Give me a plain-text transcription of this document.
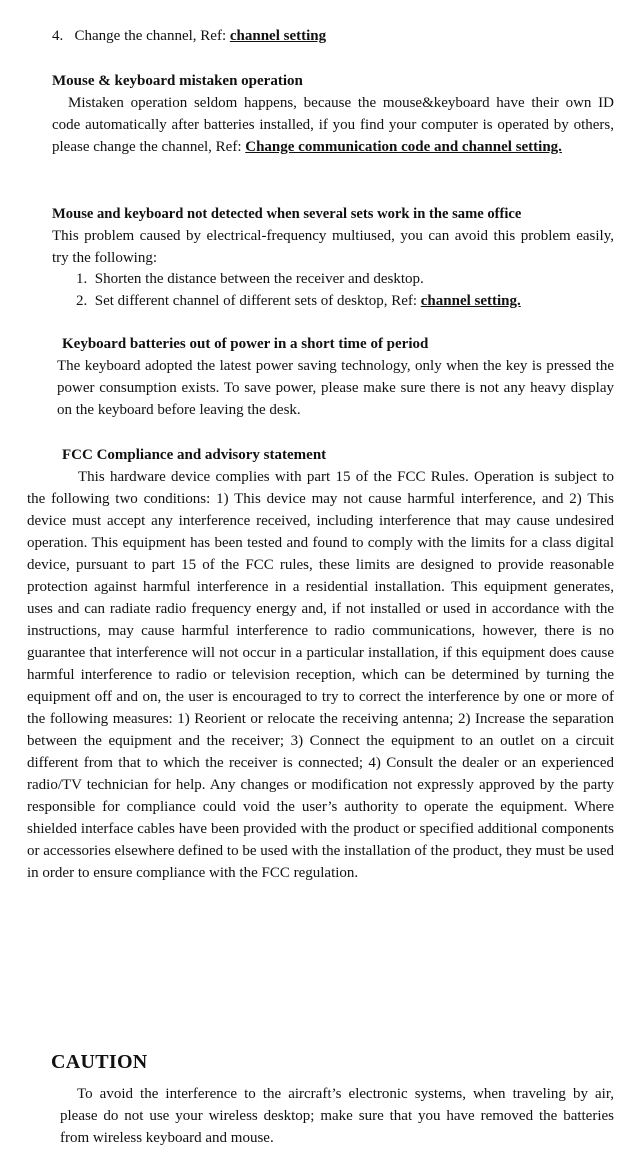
4. Change the channel, Ref: channel setting
Mouse & keyboard mistaken operation
Mistaken operation seldom happens, because the mouse&keyboard have their own ID code automatically after batteries installed, if you find your computer is operated by others, please change the channel, Ref: Change communication code and channel setting.
Mouse and keyboard not detected when several sets work in the same office
This problem caused by electrical-frequency multiused, you can avoid this problem easily, try the following:
1. Shorten the distance between the receiver and desktop.
2. Set different channel of different sets of desktop, Ref: channel setting.
Keyboard batteries out of power in a short time of period
The keyboard adopted the latest power saving technology, only when the key is pressed the power consumption exists. To save power, please make sure there is not any heavy display on the keyboard before leaving the desk.
FCC Compliance and advisory statement
This hardware device complies with part 15 of the FCC Rules. Operation is subject to the following two conditions: 1) This device may not cause harmful interference, and 2) This device must accept any interference received, including interference that may cause undesired operation. This equipment has been tested and found to comply with the limits for a class digital device, pursuant to part 15 of the FCC rules, these limits are designed to provide reasonable protection against harmful interference in a residential installation. This equipment generates, uses and can radiate radio frequency energy and, if not installed or used in accordance with the instructions, may cause harmful interference to radio communications, however, there is no guarantee that interference will not occur in a particular installation, if this equipment does cause harmful interference to radio or television reception, which can be determined by turning the equipment off and on, the user is encouraged to try to correct the interference by one or more of the following measures: 1) Reorient or relocate the receiving antenna; 2) Increase the separation between the equipment and the receiver; 3) Connect the equipment to an outlet on a circuit different from that to which the receiver is connected; 4) Consult the dealer or an experienced radio/TV technician for help. Any changes or modification not expressly approved by the party responsible for compliance could void the user’s authority to operate the equipment. Where shielded interface cables have been provided with the product or specified additional components or accessories elsewhere defined to be used with the installation of the product, they must be used in order to ensure compliance with the FCC regulation.
CAUTION
To avoid the interference to the aircraft’s electronic systems, when traveling by air, please do not use your wireless desktop; make sure that you have removed the batteries from wireless keyboard and mouse.
